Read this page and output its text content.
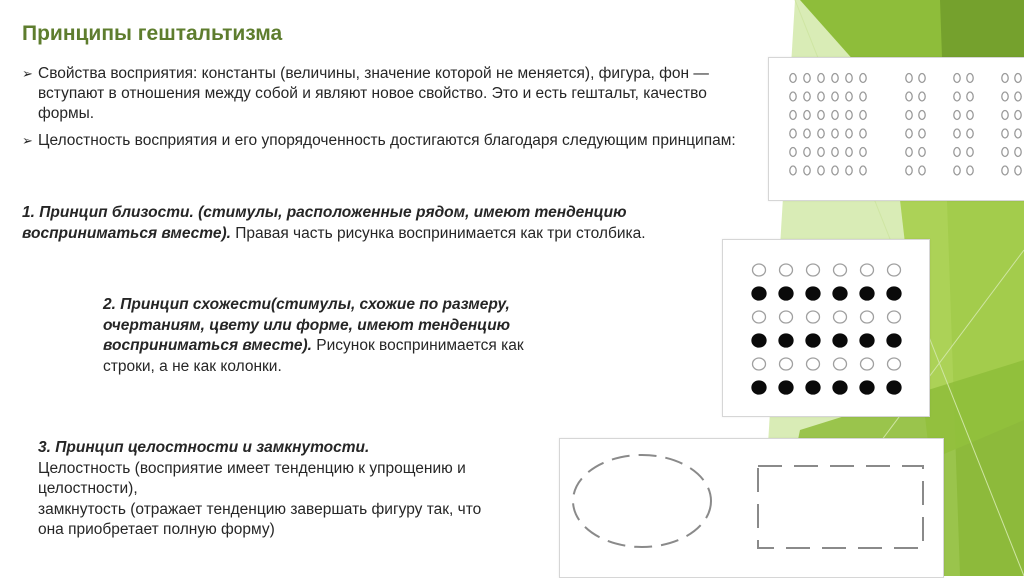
Принципы гештальтизма
➢ Свойства восприятия: константы (величины, значение которой не меняется), фигура, фон — вступают в отношения между собой и являют новое свойство. Это и есть гештальт, качество формы.
➢ Целостность восприятия и его упорядоченность достигаются благодаря следующим принципам:
1. Принцип близости. (стимулы, расположенные рядом, имеют тенденцию восприниматься вместе). Правая часть рисунка воспринимается как три столбика.
2. Принцип схожести(стимулы, схожие по размеру, очертаниям, цвету или форме, имеют тенденцию восприниматься вместе). Рисунок воспринимается как строки, а не как колонки.
3. Принцип целостности и замкнутости.
Целостность (восприятие имеет тенденцию к упрощению и целостности),
замкнутость (отражает тенденцию завершать фигуру так, что она приобретает полную форму)
